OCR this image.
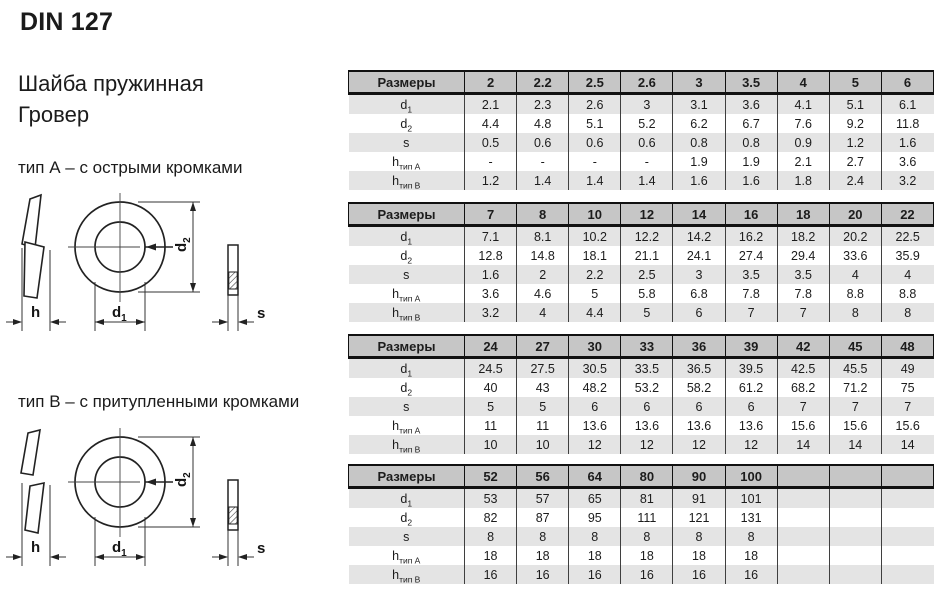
DIN 127
Шайба пружинная
Гровер
тип А – с острыми кромками
тип В – с притупленными кромками
h	$d_1$
$d_2$
s
h	$d_1$
$d_2$
s
Размеры	2	2.2	2.5	2.6	3	3.5	4	5	6
$d_1$	2.1	2.3	2.6	3	3.1	3.6	4.1	5.1	6.1
$d_2$	4.4	4.8	5.1	5.2	6.2	6.7	7.6	9.2	11.8
s	0.5	0.6	0.6	0.6	0.8	0.8	0.9	1.2	1.6
$h_{тип А}$	-	-	-	-	1.9	1.9	2.1	2.7	3.6
$h_{тип В}$	1.2	1.4	1.4	1.4	1.6	1.6	1.8	2.4	3.2
Размеры	7	8	10	12	14	16	18	20	22
$d_1$	7.1	8.1	10.2	12.2	14.2	16.2	18.2	20.2	22.5
$d_2$	12.8	14.8	18.1	21.1	24.1	27.4	29.4	33.6	35.9
s	1.6	2	2.2	2.5	3	3.5	3.5	4	4
$h_{тип А}$	3.6	4.6	5	5.8	6.8	7.8	7.8	8.8	8.8
$h_{тип В}$	3.2	4	4.4	5	6	7	7	8	8
Размеры	24	27	30	33	36	39	42	45	48
$d_1$	24.5	27.5	30.5	33.5	36.5	39.5	42.5	45.5	49
$d_2$	40	43	48.2	53.2	58.2	61.2	68.2	71.2	75
s	5	5	6	6	6	6	7	7	7
$h_{тип А}$	11	11	13.6	13.6	13.6	13.6	15.6	15.6	15.6
$h_{тип В}$	10	10	12	12	12	12	14	14	14
Размеры	52	56	64	80	90	100			
$d_1$	53	57	65	81	91	101			
$d_2$	82	87	95	111	121	131			
s	8	8	8	8	8	8			
$h_{тип А}$	18	18	18	18	18	18			
$h_{тип В}$	16	16	16	16	16	16			
